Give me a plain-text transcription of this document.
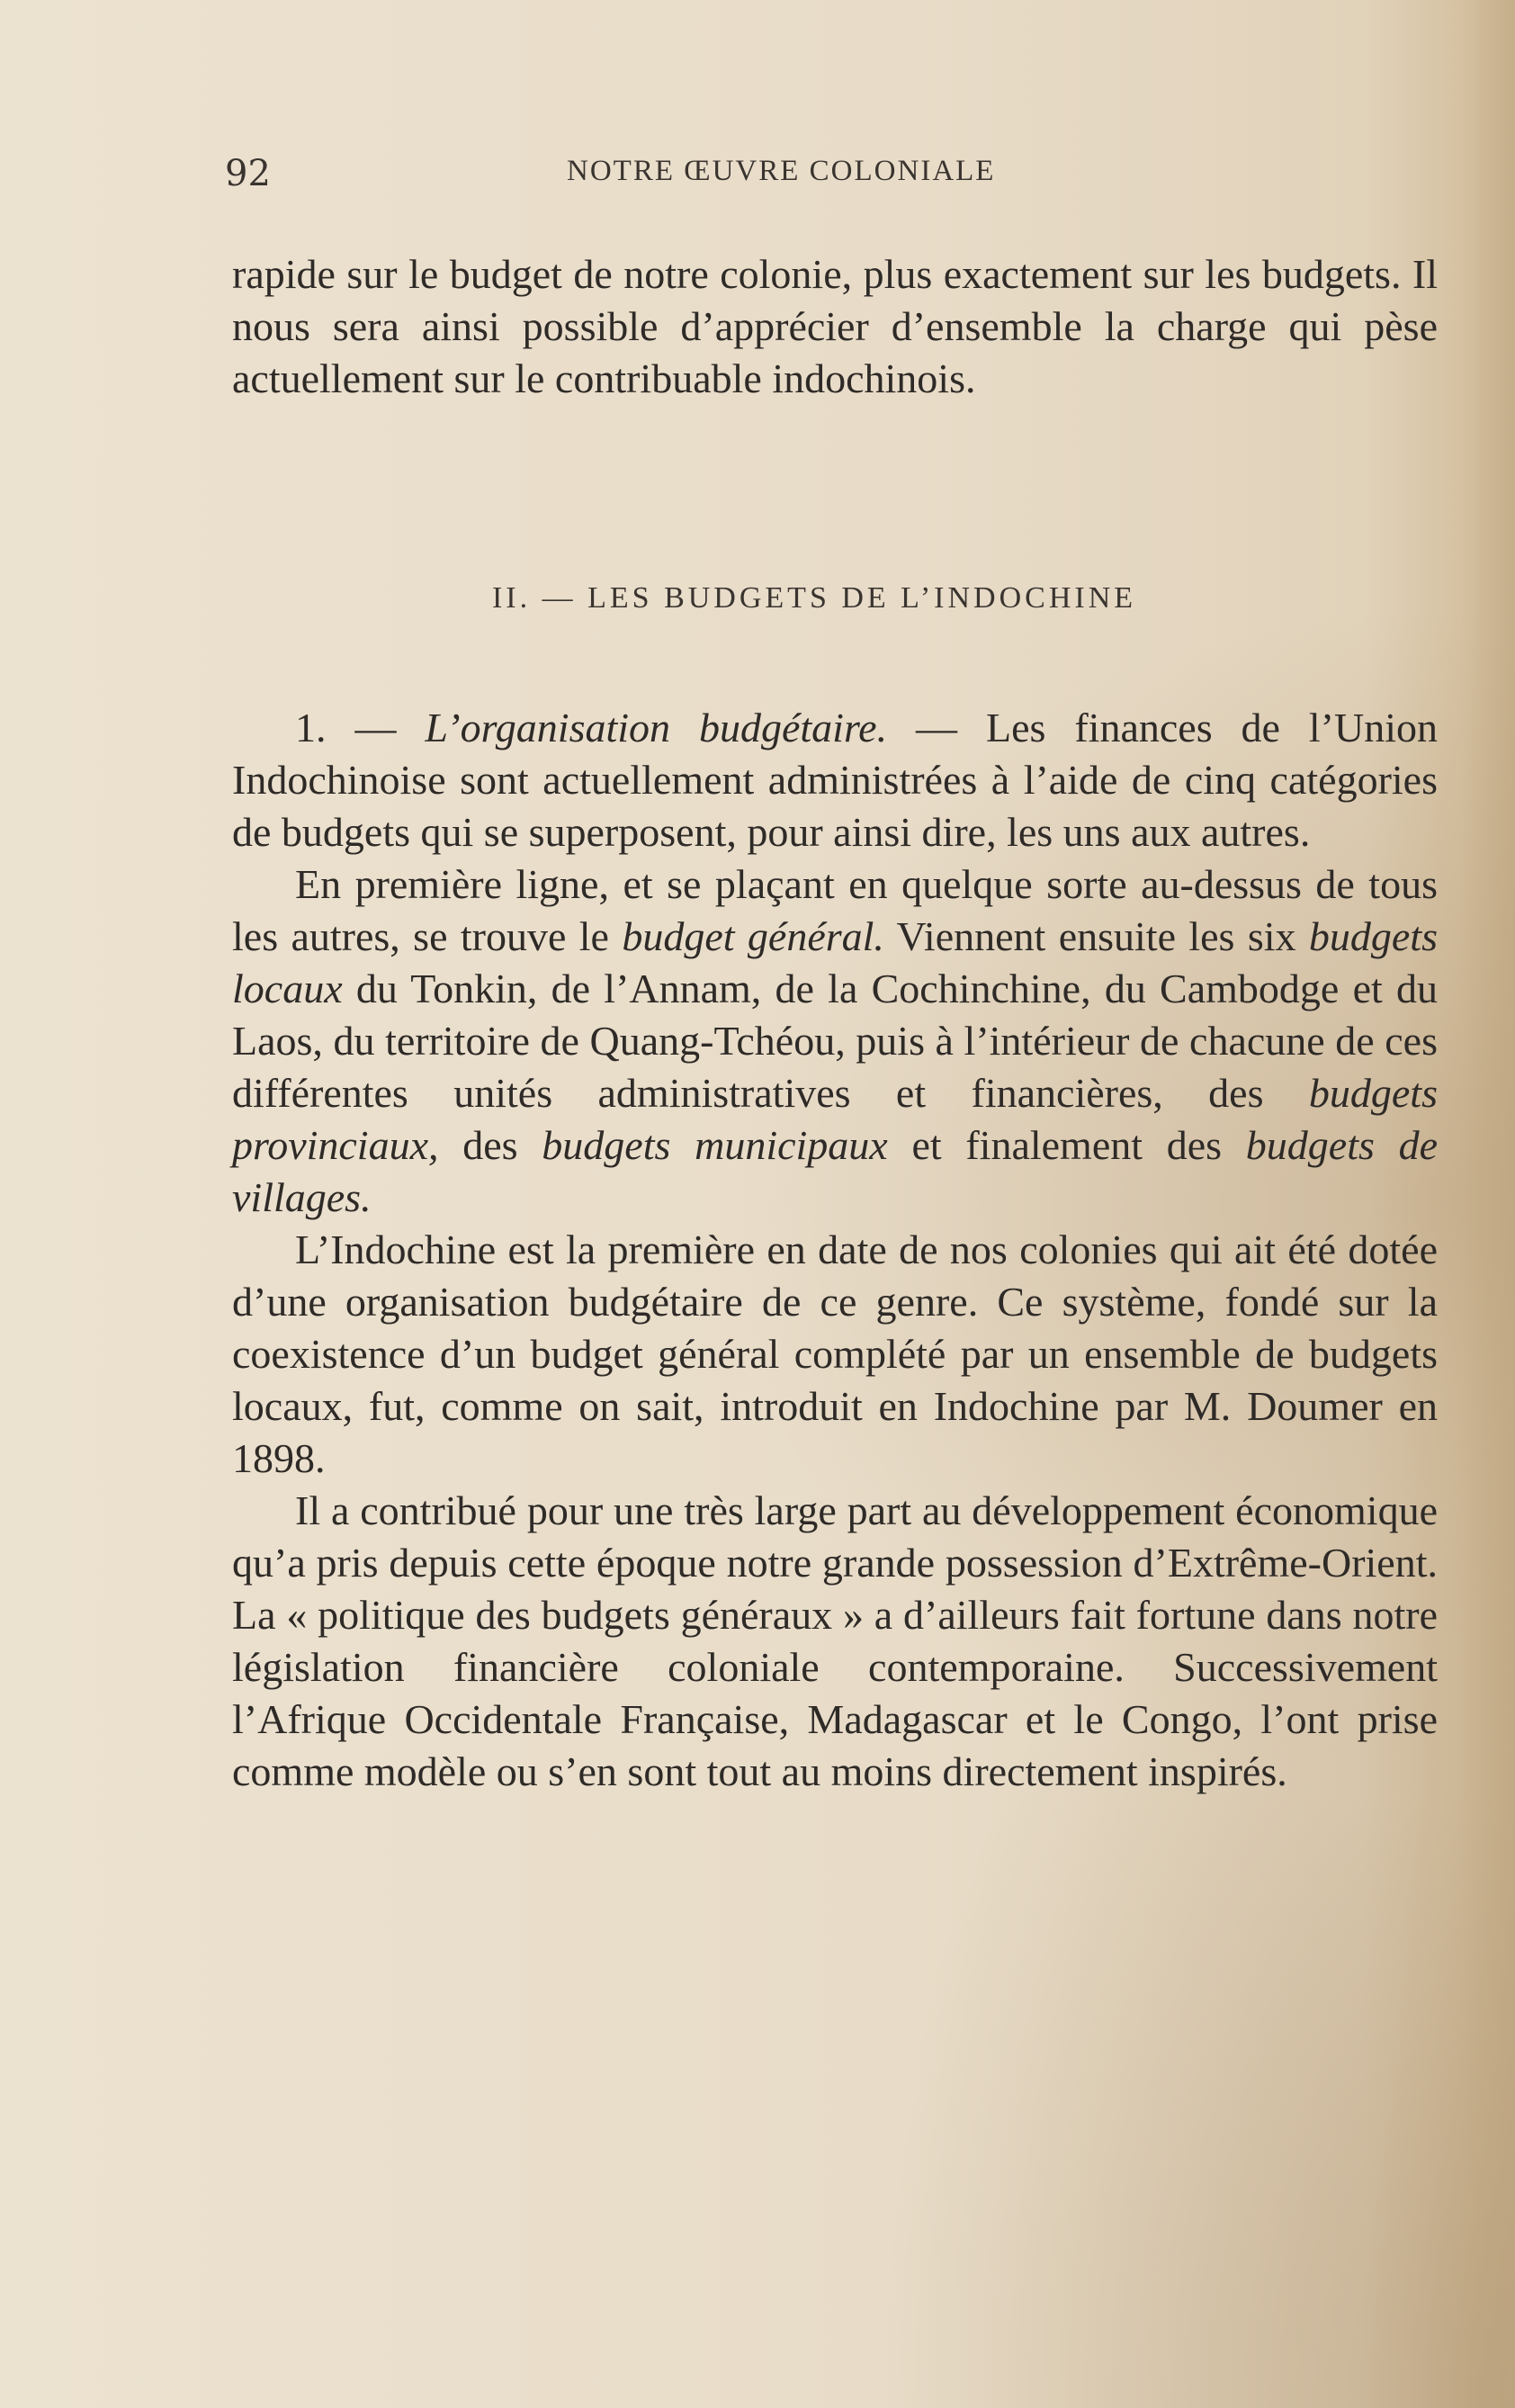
92	NOTRE ŒUVRE COLONIALE

rapide sur le budget de notre colonie, plus exactement sur les budgets. Il nous sera ainsi possible d’apprécier d’ensemble la charge qui pèse actuellement sur le contribuable indochinois.

II. — LES BUDGETS DE L’INDOCHINE

1. — L’organisation budgétaire. — Les finances de l’Union Indochinoise sont actuellement administrées à l’aide de cinq catégories de budgets qui se superposent, pour ainsi dire, les uns aux autres.

En première ligne, et se plaçant en quelque sorte au-dessus de tous les autres, se trouve le budget général. Viennent ensuite les six budgets locaux du Tonkin, de l’Annam, de la Cochinchine, du Cambodge et du Laos, du territoire de Quang-Tchéou, puis à l’intérieur de chacune de ces différentes unités administratives et financières, des budgets provinciaux, des budgets municipaux et finalement des budgets de villages.

L’Indochine est la première en date de nos colonies qui ait été dotée d’une organisation budgétaire de ce genre. Ce système, fondé sur la coexistence d’un budget général complété par un ensemble de budgets locaux, fut, comme on sait, introduit en Indochine par M. Doumer en 1898.

Il a contribué pour une très large part au développement économique qu’a pris depuis cette époque notre grande possession d’Extrême-Orient. La « politique des budgets généraux » a d’ailleurs fait fortune dans notre législation financière coloniale contemporaine. Successivement l’Afrique Occidentale Française, Madagascar et le Congo, l’ont prise comme modèle ou s’en sont tout au moins directement inspirés.
